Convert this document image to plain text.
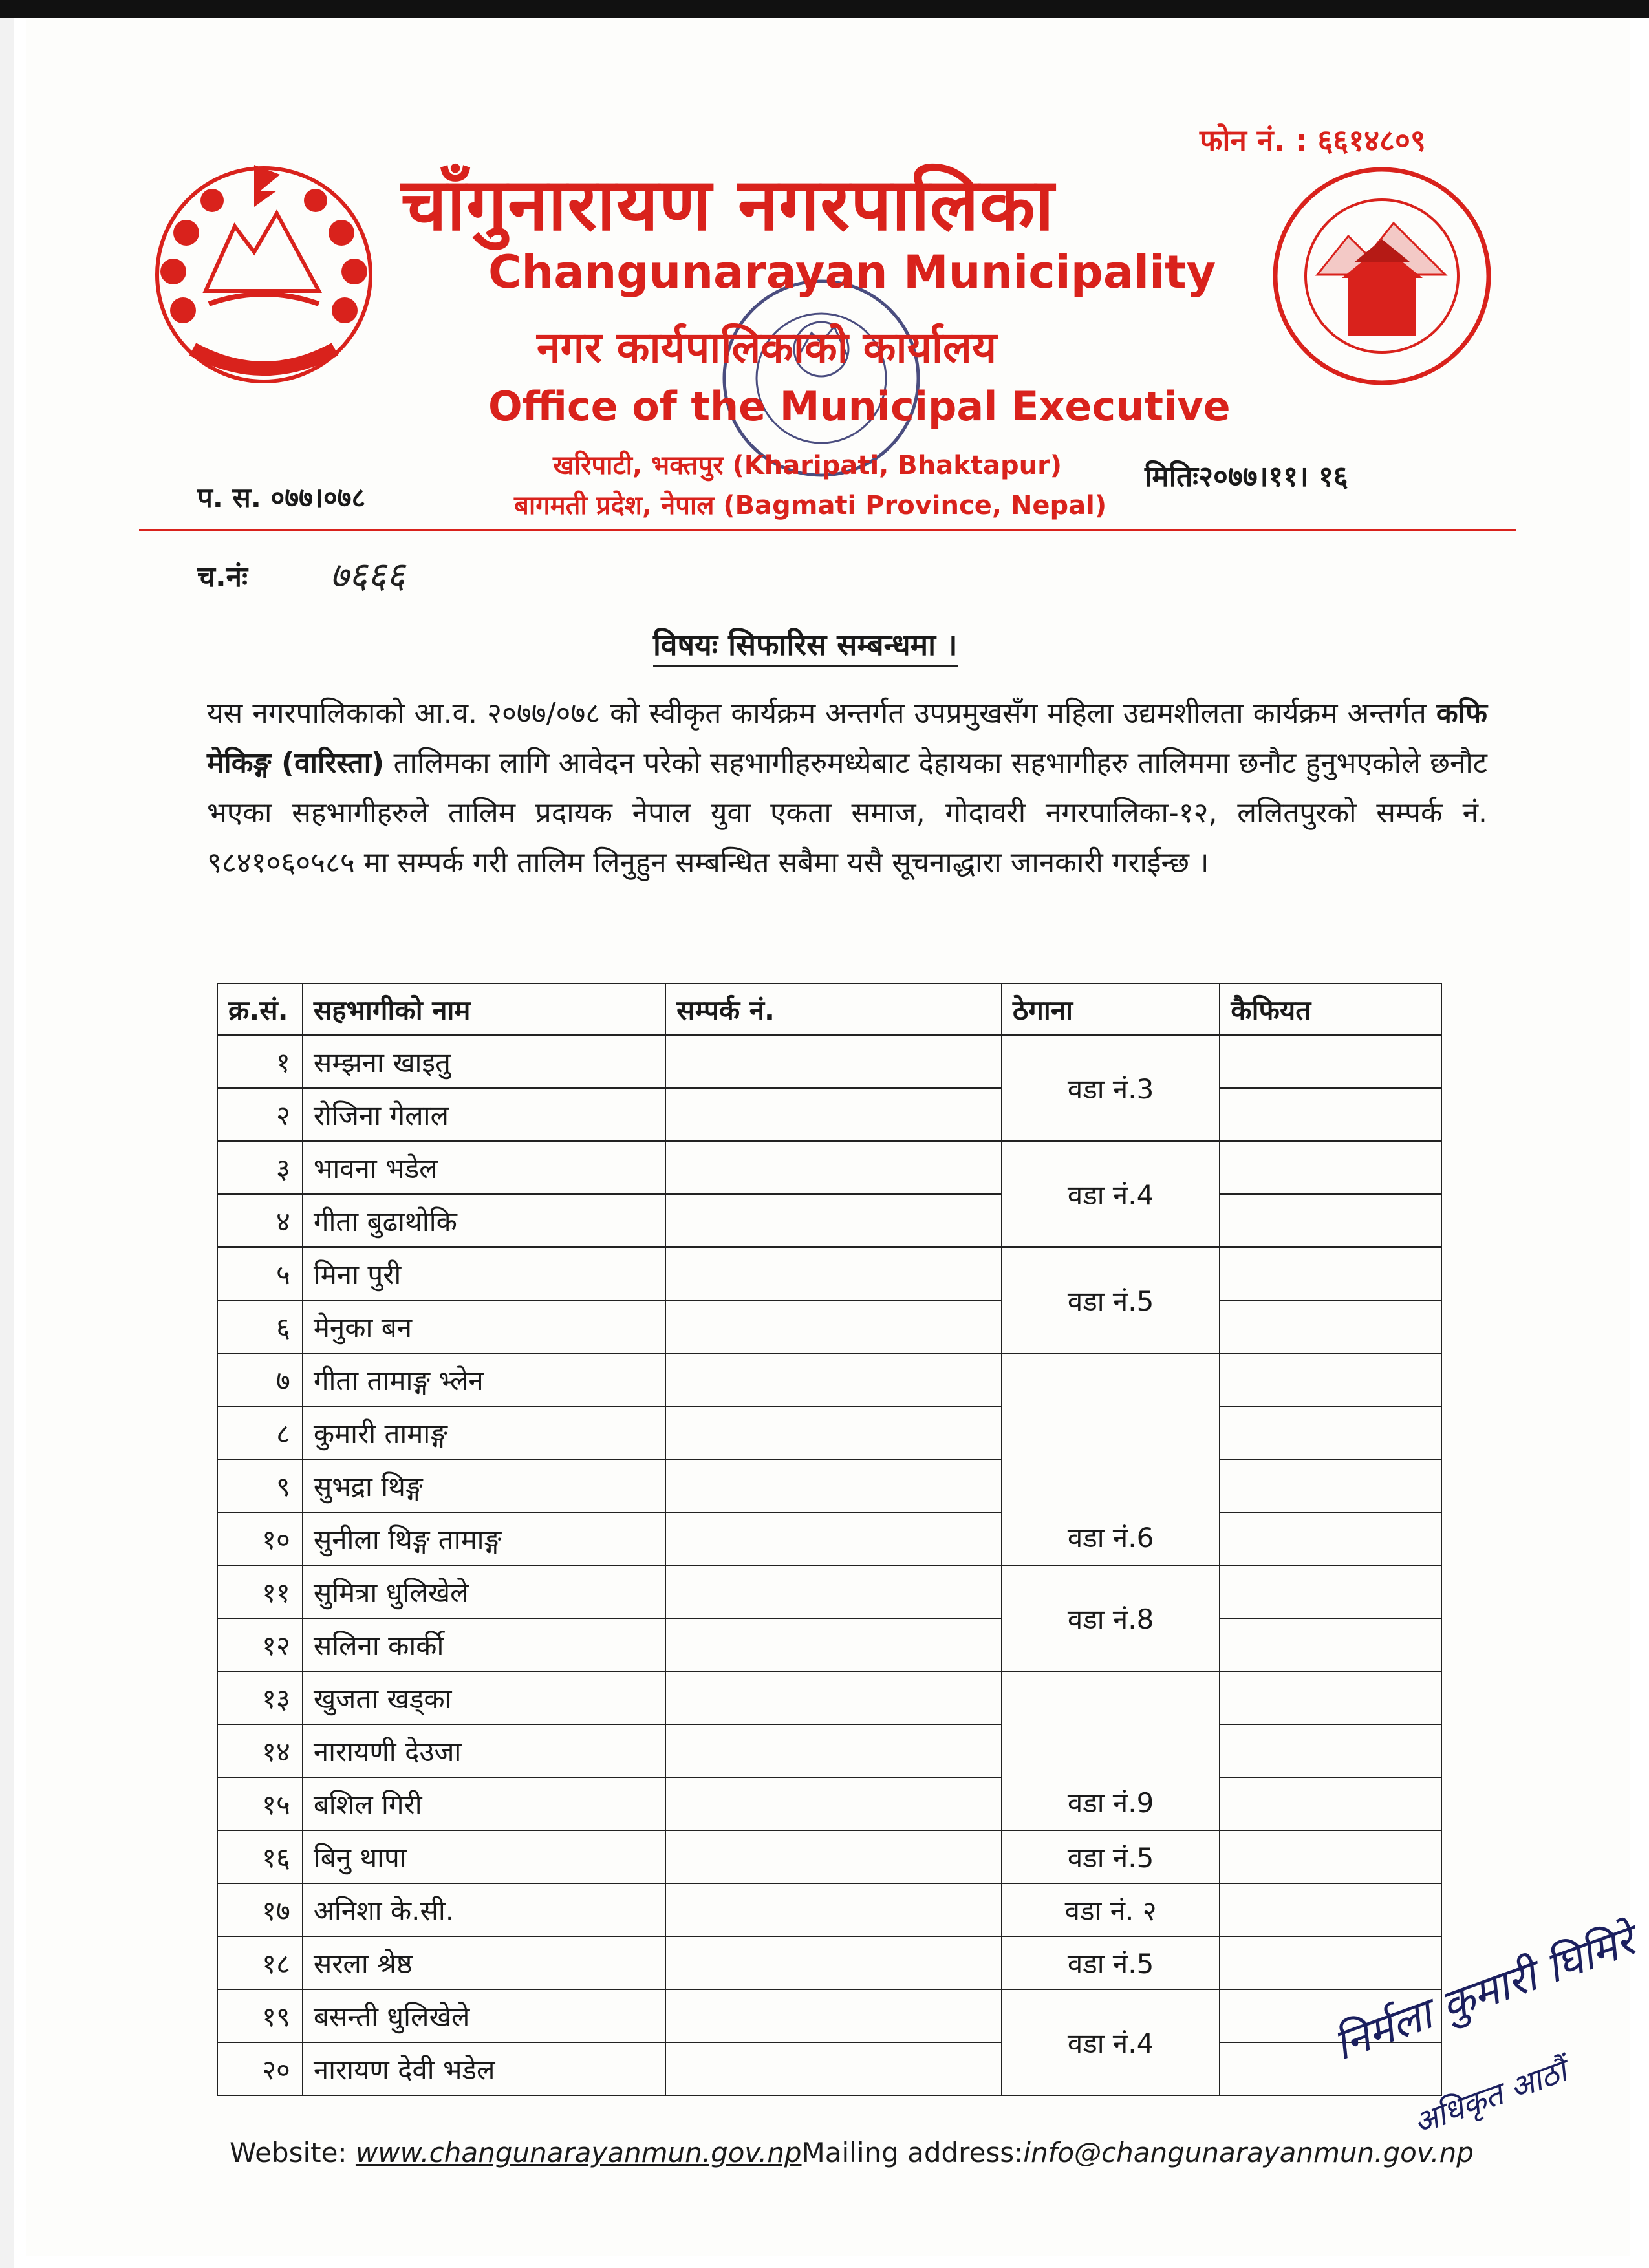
फोन नं. : ६६१४८०९
चाँगुनारायण नगरपालिका
Changunarayan Municipality
नगर कार्यपालिकाको कार्यालय
Office of the Municipal Executive
खरिपाटी, भक्तपुर (Kharipati, Bhaktapur)
बागमती प्रदेश, नेपाल (Bagmati Province, Nepal)
प. स. ०७७।०७८
मितिः२०७७।११। १६
च.नंः ७६६६
विषयः सिफारिस सम्बन्धमा ।
यस नगरपालिकाको आ.व. २०७७/०७८ को स्वीकृत कार्यक्रम अन्तर्गत उपप्रमुखसँग महिला उद्यमशीलता कार्यक्रम अन्तर्गत कफि मेकिङ्ग (वारिस्ता) तालिमका लागि आवेदन परेको सहभागीहरुमध्येबाट देहायका सहभागीहरु तालिममा छनौट हुनुभएकोले छनौट भएका सहभागीहरुले तालिम प्रदायक नेपाल युवा एकता समाज, गोदावरी नगरपालिका-१२, ललितपुरको सम्पर्क नं. ९८४१०६०५८५ मा सम्पर्क गरी तालिम लिनुहुन सम्बन्धित सबैमा यसै सूचनाद्धारा जानकारी गराईन्छ ।
क्र.सं.	सहभागीको नाम	सम्पर्क नं.	ठेगाना	कैफियत
१	सम्झना खाइतु		वडा नं.3	
२	रोजिना गेलाल			
३	भावना भडेल		वडा नं.4	
४	गीता बुढाथोकि			
५	मिना पुरी		वडा नं.5	
६	मेनुका बन			
७	गीता तामाङ्ग भ्लेन		वडा नं.6	
८	कुमारी तामाङ्ग			
९	सुभद्रा थिङ्ग			
१०	सुनीला थिङ्ग तामाङ्ग			
११	सुमित्रा धुलिखेले		वडा नं.8	
१२	सलिना कार्की			
१३	खुजता खड्का		वडा नं.9	
१४	नारायणी देउजा			
१५	बशिल गिरी			
१६	बिनु थापा		वडा नं.5	
१७	अनिशा के.सी.		वडा नं. २	
१८	सरला श्रेष्ठ		वडा नं.5	
१९	बसन्ती धुलिखेले		वडा नं.4	
२०	नारायण देवी भडेल				निर्मला कुमारी घिमिरे
अधिकृत आठौं
Website: www.changunarayanmun.gov.npMailing address:info@changunarayanmun.gov.np
